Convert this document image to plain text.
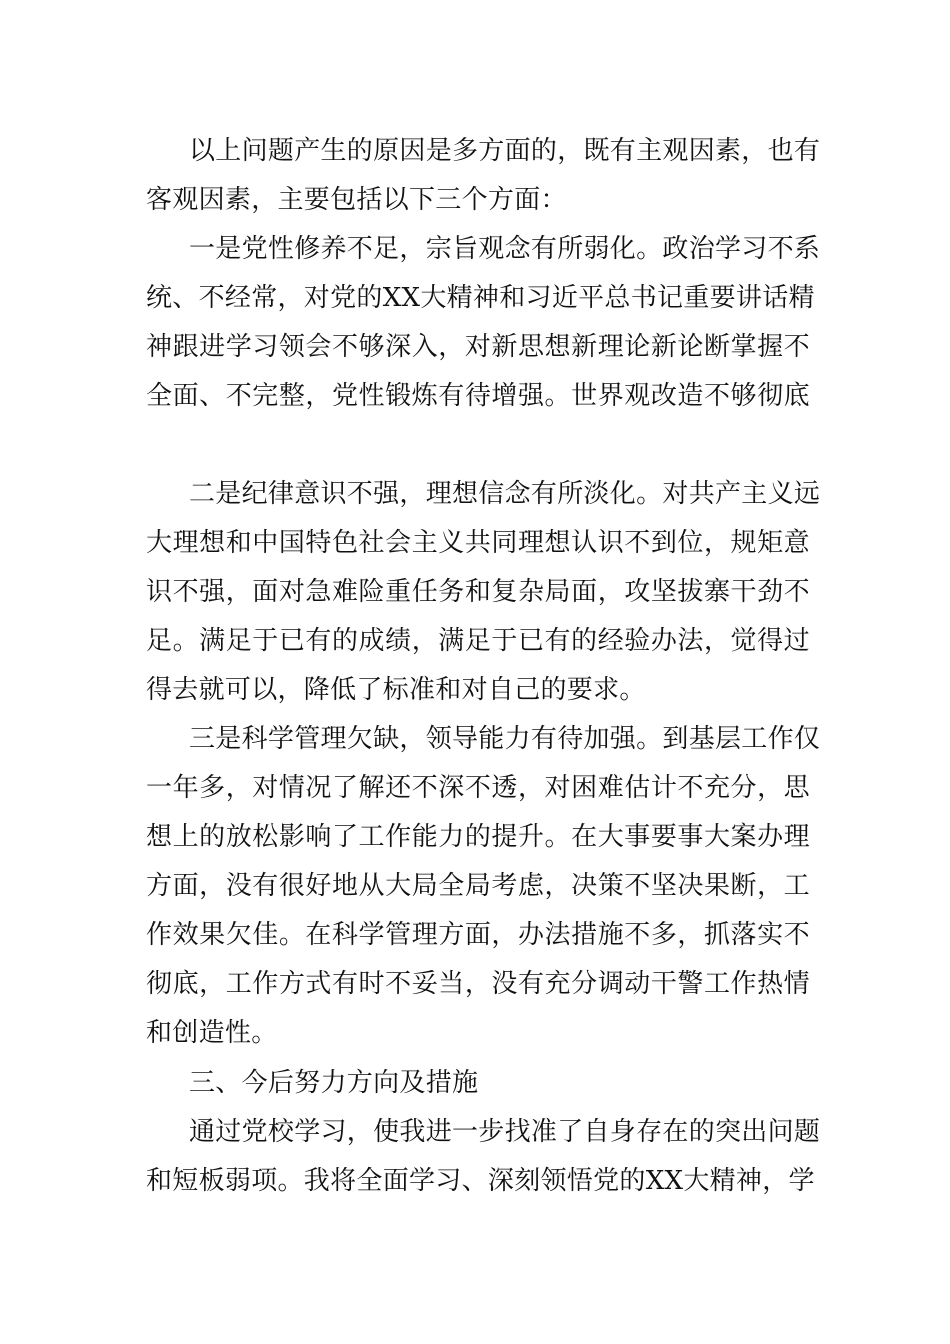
以上问题产生的原因是多方面的，既有主观因素，也有
客观因素，主要包括以下三个方面：
一是党性修养不足，宗旨观念有所弱化。政治学习不系
统、不经常，对党的XX大精神和习近平总书记重要讲话精
神跟进学习领会不够深入，对新思想新理论新论断掌握不
全面、不完整，党性锻炼有待增强。世界观改造不够彻底
二是纪律意识不强，理想信念有所淡化。对共产主义远
大理想和中国特色社会主义共同理想认识不到位，规矩意
识不强，面对急难险重任务和复杂局面，攻坚拔寨干劲不
足。满足于已有的成绩，满足于已有的经验办法，觉得过
得去就可以，降低了标准和对自己的要求。
三是科学管理欠缺，领导能力有待加强。到基层工作仅
一年多，对情况了解还不深不透，对困难估计不充分，思
想上的放松影响了工作能力的提升。在大事要事大案办理
方面，没有很好地从大局全局考虑，决策不坚决果断，工
作效果欠佳。在科学管理方面，办法措施不多，抓落实不
彻底，工作方式有时不妥当，没有充分调动干警工作热情
和创造性。
三、今后努力方向及措施
通过党校学习，使我进一步找准了自身存在的突出问题
和短板弱项。我将全面学习、深刻领悟党的XX大精神，学
